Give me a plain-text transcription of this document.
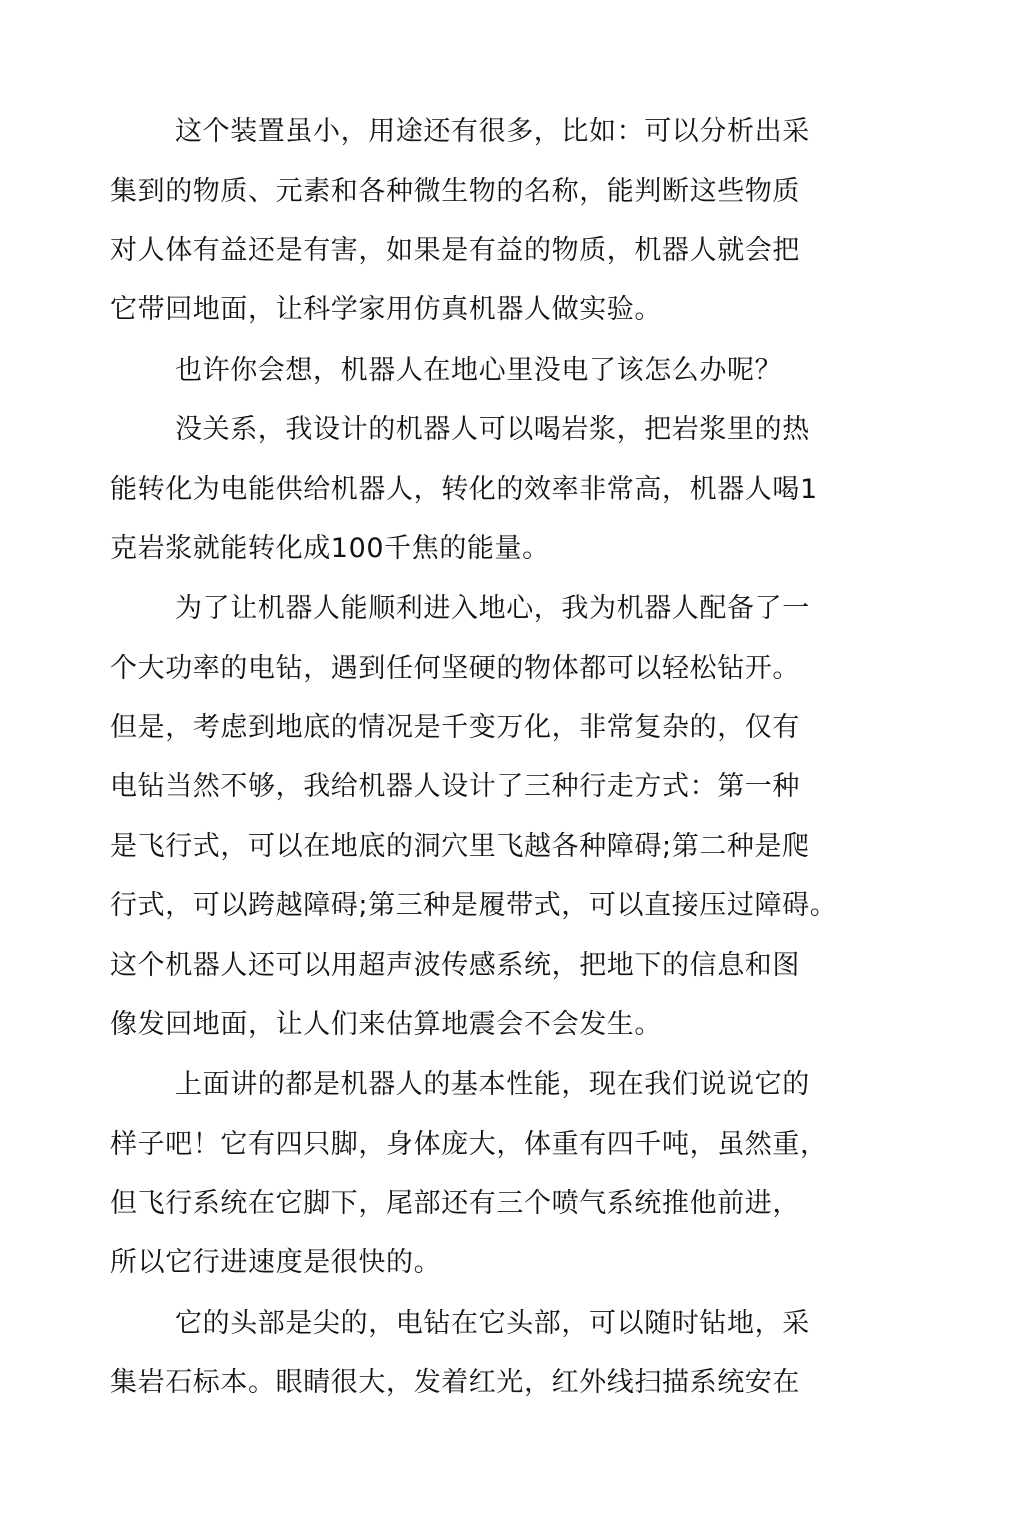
这个装置虽小，用途还有很多，比如：可以分析出采
集到的物质、元素和各种微生物的名称，能判断这些物质
对人体有益还是有害，如果是有益的物质，机器人就会把
它带回地面，让科学家用仿真机器人做实验。
也许你会想，机器人在地心里没电了该怎么办呢？
没关系，我设计的机器人可以喝岩浆，把岩浆里的热
能转化为电能供给机器人，转化的效率非常高，机器人喝1
克岩浆就能转化成100千焦的能量。
为了让机器人能顺利进入地心，我为机器人配备了一
个大功率的电钻，遇到任何坚硬的物体都可以轻松钻开。
但是，考虑到地底的情况是千变万化，非常复杂的，仅有
电钻当然不够，我给机器人设计了三种行走方式：第一种
是飞行式，可以在地底的洞穴里飞越各种障碍;第二种是爬
行式，可以跨越障碍;第三种是履带式，可以直接压过障碍。
这个机器人还可以用超声波传感系统，把地下的信息和图
像发回地面，让人们来估算地震会不会发生。
上面讲的都是机器人的基本性能，现在我们说说它的
样子吧！它有四只脚，身体庞大，体重有四千吨，虽然重，
但飞行系统在它脚下，尾部还有三个喷气系统推他前进，
所以它行进速度是很快的。
它的头部是尖的，电钻在它头部，可以随时钻地，采
集岩石标本。眼睛很大，发着红光，红外线扫描系统安在
